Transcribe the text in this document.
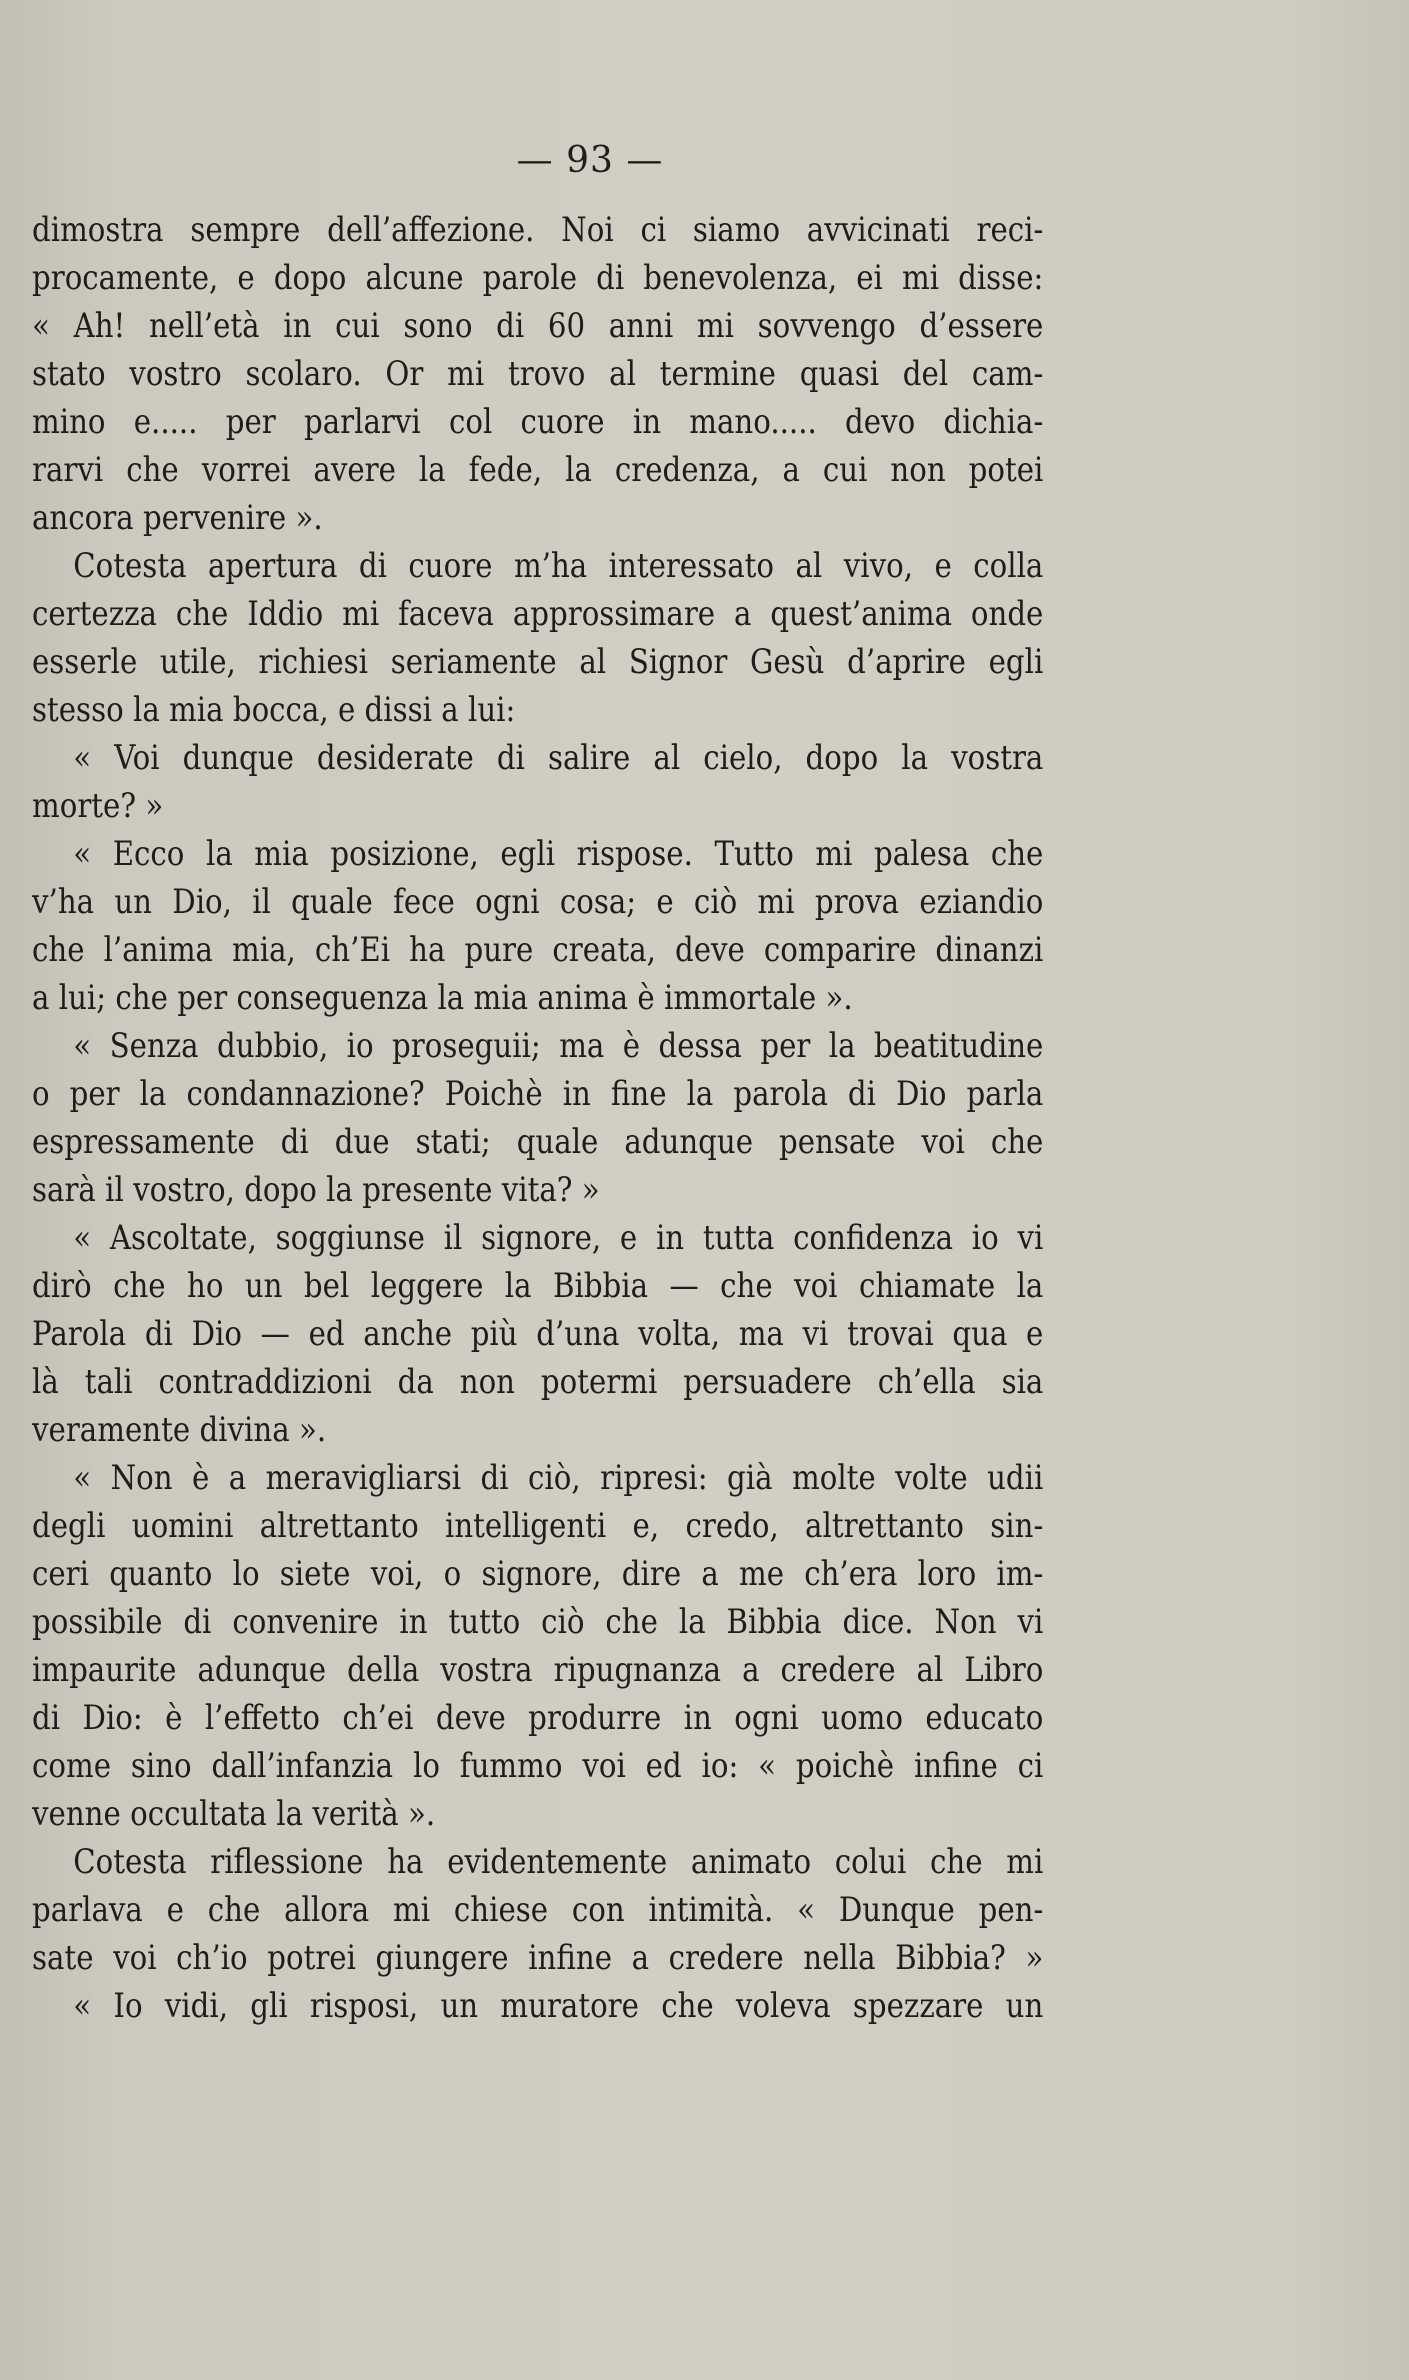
— 93 —
dimostra sempre dell’affezione. Noi ci siamo avvicinati reci-
procamente, e dopo alcune parole di benevolenza, ei mi disse:
« Ah! nell’età in cui sono di 60 anni mi sovvengo d’essere
stato vostro scolaro. Or mi trovo al termine quasi del cam-
mino e..... per parlarvi col cuore in mano..... devo dichia-
rarvi che vorrei avere la fede, la credenza, a cui non potei
ancora pervenire ».
Cotesta apertura di cuore m’ha interessato al vivo, e colla
certezza che Iddio mi faceva approssimare a quest’anima onde
esserle utile, richiesi seriamente al Signor Gesù d’aprire egli
stesso la mia bocca, e dissi a lui:
« Voi dunque desiderate di salire al cielo, dopo la vostra
morte? »
« Ecco la mia posizione, egli rispose. Tutto mi palesa che
v’ha un Dio, il quale fece ogni cosa; e ciò mi prova eziandio
che l’anima mia, ch’Ei ha pure creata, deve comparire dinanzi
a lui; che per conseguenza la mia anima è immortale ».
« Senza dubbio, io proseguii; ma è dessa per la beatitudine
o per la condannazione? Poichè in fine la parola di Dio parla
espressamente di due stati; quale adunque pensate voi che
sarà il vostro, dopo la presente vita? »
« Ascoltate, soggiunse il signore, e in tutta confidenza io vi
dirò che ho un bel leggere la Bibbia — che voi chiamate la
Parola di Dio — ed anche più d’una volta, ma vi trovai qua e
là tali contraddizioni da non potermi persuadere ch’ella sia
veramente divina ».
« Non è a meravigliarsi di ciò, ripresi: già molte volte udii
degli uomini altrettanto intelligenti e, credo, altrettanto sin-
ceri quanto lo siete voi, o signore, dire a me ch’era loro im-
possibile di convenire in tutto ciò che la Bibbia dice. Non vi
impaurite adunque della vostra ripugnanza a credere al Libro
di Dio: è l’effetto ch’ei deve produrre in ogni uomo educato
come sino dall’infanzia lo fummo voi ed io: « poichè infine ci
venne occultata la verità ».
Cotesta riflessione ha evidentemente animato colui che mi
parlava e che allora mi chiese con intimità. « Dunque pen-
sate voi ch’io potrei giungere infine a credere nella Bibbia? »
« Io vidi, gli risposi, un muratore che voleva spezzare un
